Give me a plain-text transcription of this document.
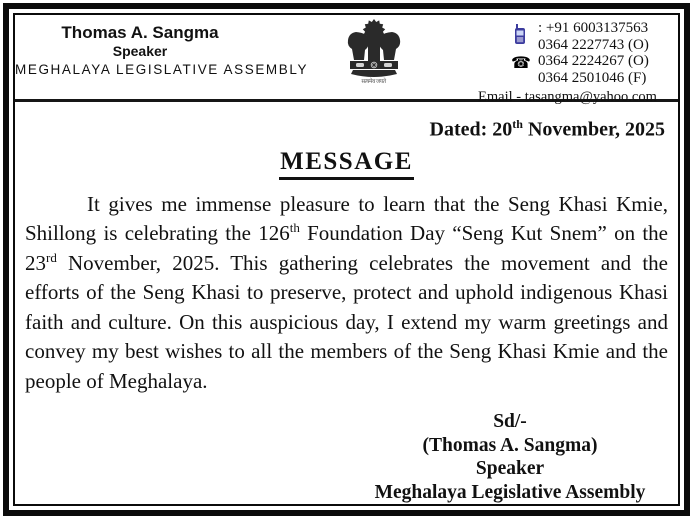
Thomas A. Sangma
Speaker
MEGHALAYA LEGISLATIVE ASSEMBLY
सत्यमेव जयते
☎
: +91 6003137563
0364 2227743 (O)
0364 2224267 (O)
0364 2501046 (F)
Email - tasangma@yahoo.com
Dated: 20th November, 2025
MESSAGE

It gives me immense pleasure to learn that the Seng Khasi Kmie, Shillong is celebrating the 126th Foundation Day “Seng Kut Snem” on the 23rd November, 2025. This gathering celebrates the movement and the efforts of the Seng Khasi to preserve, protect and uphold indigenous Khasi faith and culture. On this auspicious day, I extend my warm greetings and convey my best wishes to all the members of the Seng Khasi Kmie and the people of Meghalaya.

Sd/-
(Thomas A. Sangma)
Speaker
Meghalaya Legislative Assembly
